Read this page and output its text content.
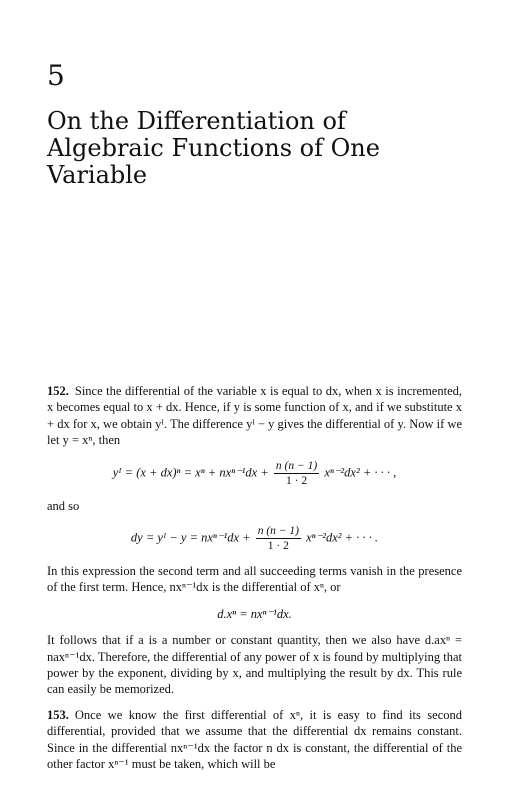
5
On the Differentiation of Algebraic Functions of One Variable

152. Since the differential of the variable x is equal to dx, when x is incremented, x becomes equal to x + dx. Hence, if y is some function of x, and if we substitute x + dx for x, we obtain yᴵ. The difference yᴵ − y gives the differential of y. Now if we let y = xⁿ, then

yᴵ = $(x + dx)^n = x^n + nx^{n-1}dx + \frac{n (n - 1)}{1 \cdot 2} x^{n-2}dx^2$ + · · · ,

and so

dy = yᴵ − $y = nx^{n-1}dx + \frac{n (n - 1)}{1 \cdot 2} x^{n-2}dx^2$ + · · · .

In this expression the second term and all succeeding terms vanish in the presence of the first term. Hence, nxⁿ⁻¹dx is the differential of xⁿ, or

d.xⁿ = nxⁿ⁻¹dx.

It follows that if a is a number or constant quantity, then we also have d.axⁿ = naxⁿ⁻¹dx. Therefore, the differential of any power of x is found by multiplying that power by the exponent, dividing by x, and multiplying the result by dx. This rule can easily be memorized.

153. Once we know the first differential of xⁿ, it is easy to find its second differential, provided that we assume that the differential dx remains constant. Since in the differential nxⁿ⁻¹dx the factor n dx is constant, the differential of the other factor xⁿ⁻¹ must be taken, which will be
